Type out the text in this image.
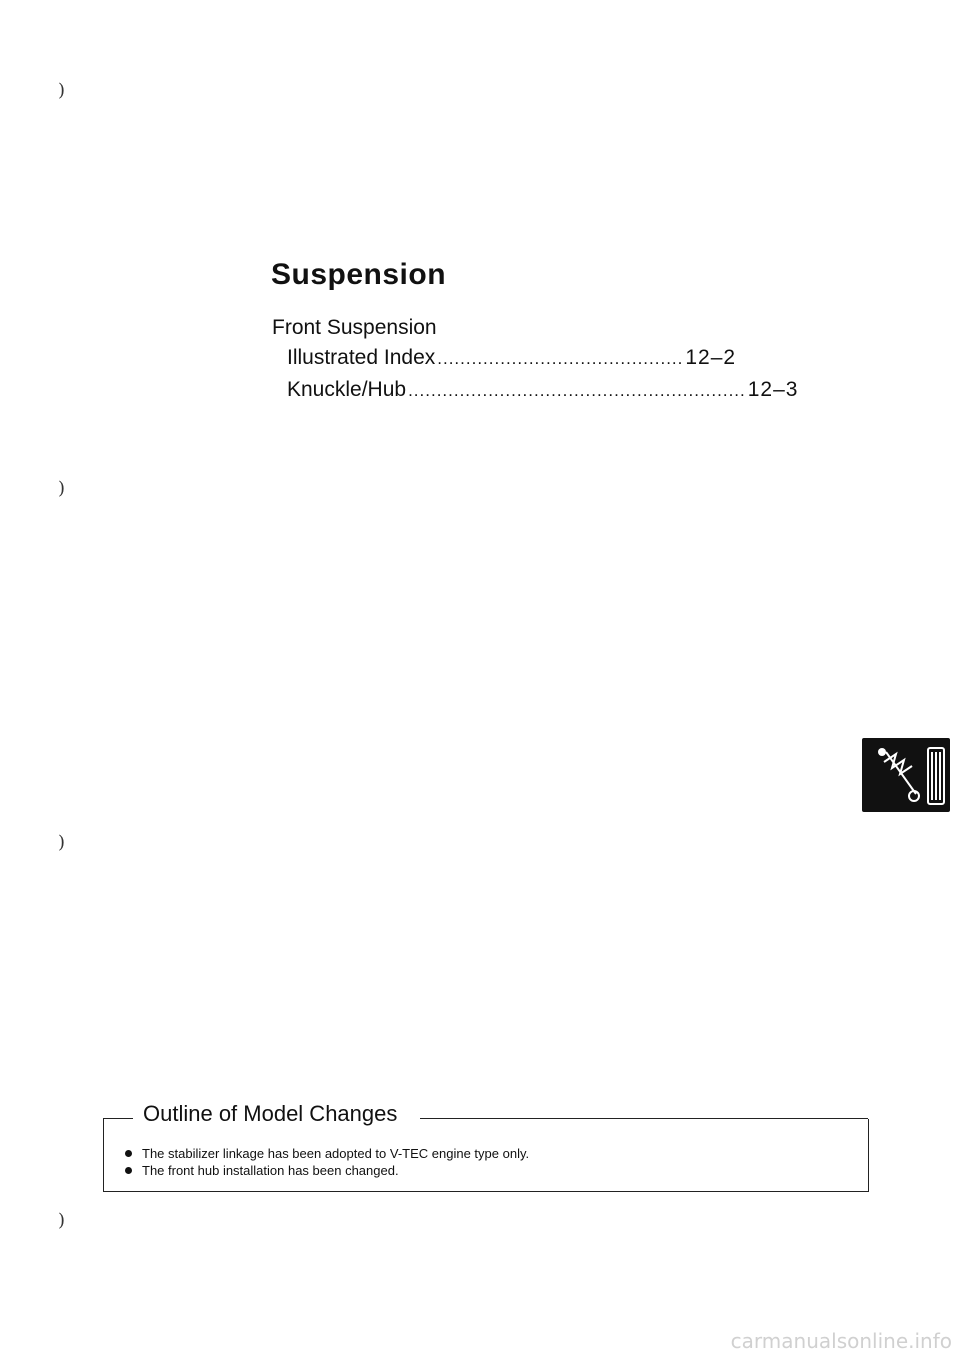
)
)
)
)
Suspension
Front Suspension
Illustrated Index ........................................... 12–2
Knuckle/Hub ........................................................... 12–3
Outline of Model Changes
The stabilizer linkage has been adopted to V-TEC engine type only.
The front hub installation has been changed.
carmanualsonline.info
